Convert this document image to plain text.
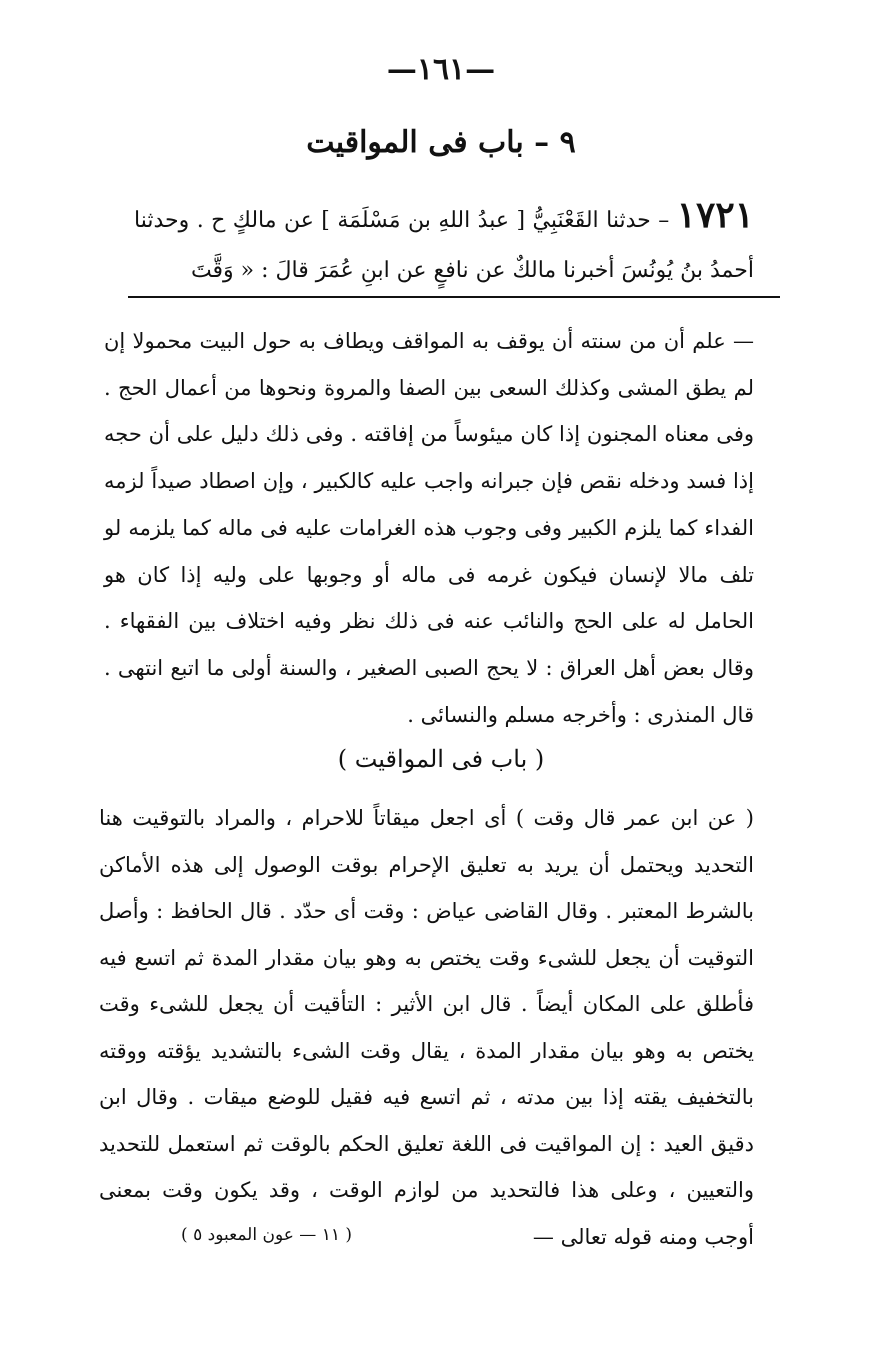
—١٦١—
٩ – باب فى المواقيت
١٧٢١ – حدثنا القَعْنَبِيُّ [ عبدُ اللهِ بن مَسْلَمَة ] عن مالكٍ ح . وحدثنا أحمدُ بنُ يُونُسَ أخبرنا مالكٌ عن نافعٍ عن ابنِ عُمَرَ قالَ : « وَقَّتَ
— علم أن من سنته أن يوقف به المواقف ويطاف به حول البيت محمولا إن لم يطق المشى وكذلك السعى بين الصفا والمروة ونحوها من أعمال الحج . وفى معناه المجنون إذا كان ميئوساً من إفاقته . وفى ذلك دليل على أن حجه إذا فسد ودخله نقص فإن جبرانه واجب عليه كالكبير ، وإن اصطاد صيداً لزمه الفداء كما يلزم الكبير وفى وجوب هذه الغرامات عليه فى ماله كما يلزمه لو تلف مالا لإنسان فيكون غرمه فى ماله أو وجوبها على وليه إذا كان هو الحامل له على الحج والنائب عنه فى ذلك نظر وفيه اختلاف بين الفقهاء . وقال بعض أهل العراق : لا يحج الصبى الصغير ، والسنة أولى ما اتبع انتهى . قال المنذرى : وأخرجه مسلم والنسائى .
( باب فى المواقيت )
( عن ابن عمر قال وقت ) أى اجعل ميقاتاً للاحرام ، والمراد بالتوقيت هنا التحديد ويحتمل أن يريد به تعليق الإحرام بوقت الوصول إلى هذه الأماكن بالشرط المعتبر . وقال القاضى عياض : وقت أى حدّد . قال الحافظ : وأصل التوقيت أن يجعل للشىء وقت يختص به وهو بيان مقدار المدة ثم اتسع فيه فأطلق على المكان أيضاً . قال ابن الأثير : التأقيت أن يجعل للشىء وقت يختص به وهو بيان مقدار المدة ، يقال وقت الشىء بالتشديد يؤقته ووقته بالتخفيف يقته إذا بين مدته ، ثم اتسع فيه فقيل للوضع ميقات . وقال ابن دقيق العيد : إن المواقيت فى اللغة تعليق الحكم بالوقت ثم استعمل للتحديد والتعيين ، وعلى هذا فالتحديد من لوازم الوقت ، وقد يكون وقت بمعنى أوجب ومنه قوله تعالى —
( ١١ — عون المعبود ٥ )
